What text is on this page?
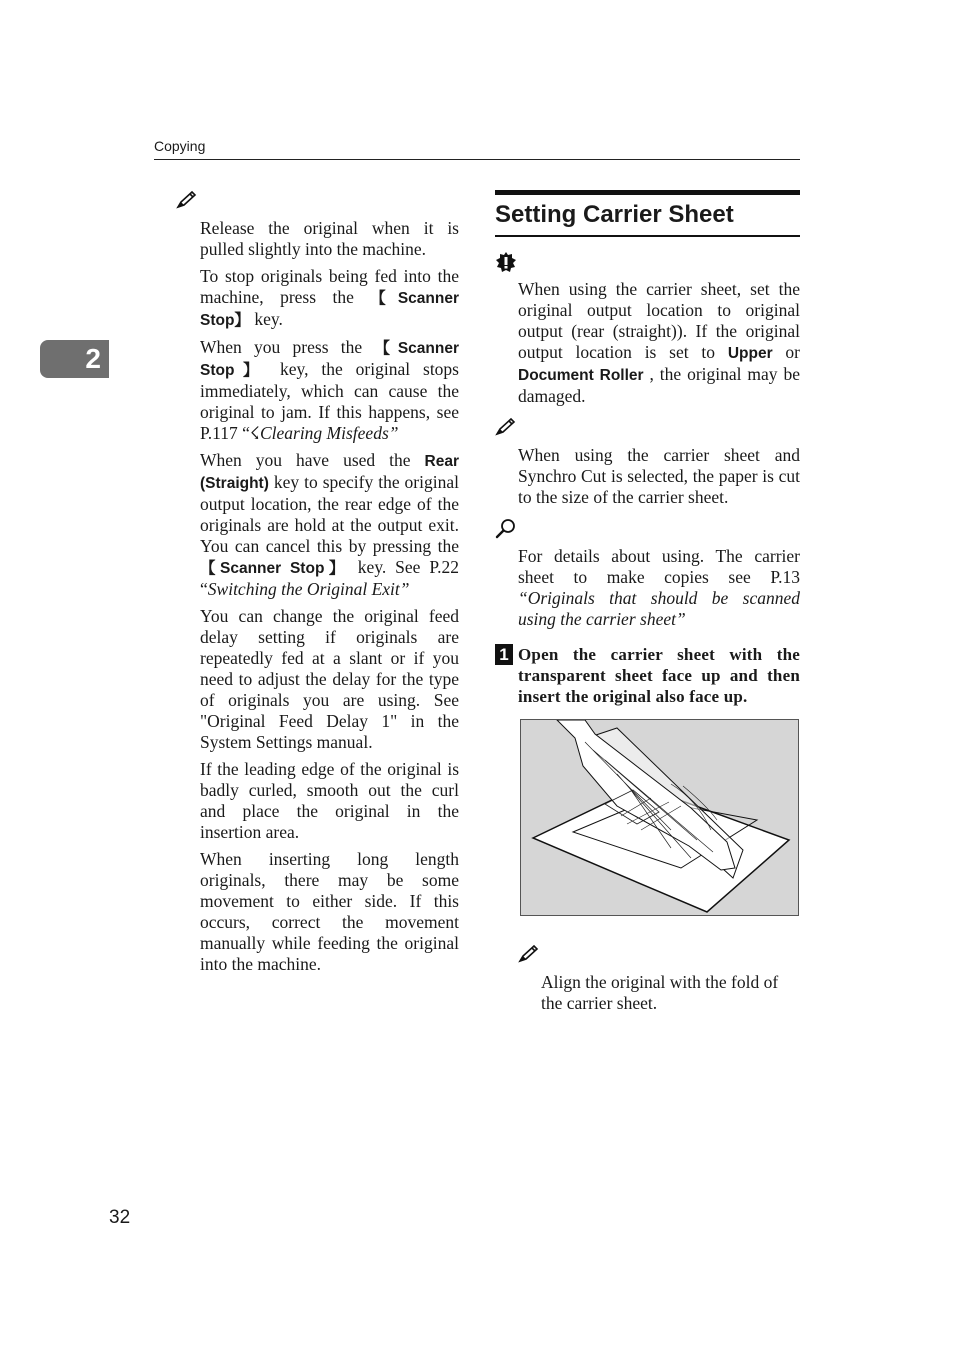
Copying
2

Release the original when it is pulled slightly into the machine.

To stop originals being fed into the machine, press the 【Scanner Stop】 key.

When you press the 【Scanner Stop】 key, the original stops immediately, which can cause the original to jam. If this happens, see P.117 “☇Clearing Misfeeds”

When you have used the Rear (Straight) key to specify the original output location, the rear edge of the originals are hold at the output exit. You can cancel this by pressing the 【Scanner Stop】 key. See P.22 “Switching the Original Exit”

You can change the original feed delay setting if originals are repeatedly fed at a slant or if you need to adjust the delay for the type of originals you are using. See "Original Feed Delay 1" in the System Settings manual.

If the leading edge of the original is badly curled, smooth out the curl and place the original in the insertion area.

When inserting long length originals, there may be some movement to either side. If this occurs, correct the movement manually while feeding the original into the machine.

Setting Carrier Sheet

When using the carrier sheet, set the original output location to original output (rear (straight)). If the original output location is set to Upper or Document Roller , the original may be damaged.

When using the carrier sheet and Synchro Cut is selected, the paper is cut to the size of the carrier sheet.

For details about using. The carrier sheet to make copies see P.13 “Originals that should be scanned using the carrier sheet”

1 Open the carrier sheet with the transparent sheet face up and then insert the original also face up.

Align the original with the fold of the carrier sheet.

32
